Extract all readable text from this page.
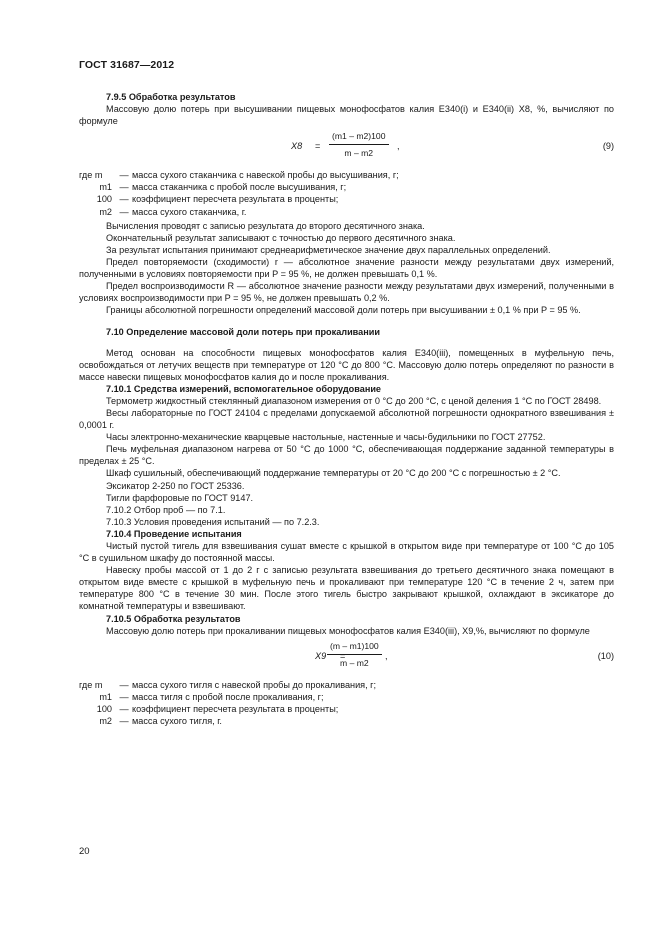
ГОСТ 31687—2012

7.9.5 Обработка результатов

Массовую долю потерь при высушивании пищевых монофосфатов калия Е340(i) и Е340(ii) X8, %, вычисляют по формуле

$X8 = \frac{(m1 - m2)100}{m - m2}$ ,	(9)
где m	— масса сухого стаканчика с навеской пробы до высушивания, г;
m1 — масса стаканчика с пробой после высушивания, г;
100 — коэффициент пересчета результата в проценты;
m2 — масса сухого стаканчика, г.

Вычисления проводят с записью результата до второго десятичного знака.

Окончательный результат записывают с точностью до первого десятичного знака.

За результат испытания принимают среднеарифметическое значение двух параллельных определений.

Предел повторяемости (сходимости) r — абсолютное значение разности между результатами двух измерений, полученными в условиях повторяемости при P = 95 %, не должен превышать 0,1 %.

Предел воспроизводимости R — абсолютное значение разности между результатами двух измерений, полученными в условиях воспроизводимости при P = 95 %, не должен превышать 0,2 %.

Границы абсолютной погрешности определений массовой доли потерь при высушивании ± 0,1 % при P = 95 %.

7.10 Определение массовой доли потерь при прокаливании

Метод основан на способности пищевых монофосфатов калия Е340(iii), помещенных в муфельную печь, освобождаться от летучих веществ при температуре от 120 °С до 800 °С. Массовую долю потерь определяют по разности в массе навески пищевых монофосфатов калия до и после прокаливания.

7.10.1 Средства измерений, вспомогательное оборудование

Термометр жидкостный стеклянный диапазоном измерения от 0 °С до 200 °С, с ценой деления 1 °С по ГОСТ 28498.

Весы лабораторные по ГОСТ 24104 с пределами допускаемой абсолютной погрешности однократного взвешивания ± 0,0001 г.

Часы электронно-механические кварцевые настольные, настенные и часы-будильники по ГОСТ 27752.

Печь муфельная диапазоном нагрева от 50 °С до 1000 °С, обеспечивающая поддержание заданной температуры в пределах ± 25 °С.

Шкаф сушильный, обеспечивающий поддержание температуры от 20 °С до 200 °С с погрешностью ± 2 °С.

Эксикатор 2-250 по ГОСТ 25336.

Тигли фарфоровые по ГОСТ 9147.

7.10.2 Отбор проб — по 7.1.

7.10.3 Условия проведения испытаний — по 7.2.3.

7.10.4 Проведение испытания

Чистый пустой тигель для взвешивания сушат вместе с крышкой в открытом виде при температуре от 100 °С до 105 °С в сушильном шкафу до постоянной массы.

Навеску пробы массой от 1 до 2 г с записью результата взвешивания до третьего десятичного знака помещают в открытом виде вместе с крышкой в муфельную печь и прокаливают при температуре 120 °С в течение 2 ч, затем при температуре 800 °С в течение 30 мин. После этого тигель быстро закрывают крышкой, охлаждают в эксикаторе до комнатной температуры и взвешивают.

7.10.5 Обработка результатов

Массовую долю потерь при прокаливании пищевых монофосфатов калия Е340(iii), X9,%, вычисляют по формуле

X9 =
$\frac{(m - m1)100}{m - m2}$ ,	(10)
где m	— масса сухого тигля с навеской пробы до прокаливания, г;
m1 — масса тигля с пробой после прокаливания, г;
100 — коэффициент пересчета результата в проценты;
m2 — масса сухого тигля, г.
20
